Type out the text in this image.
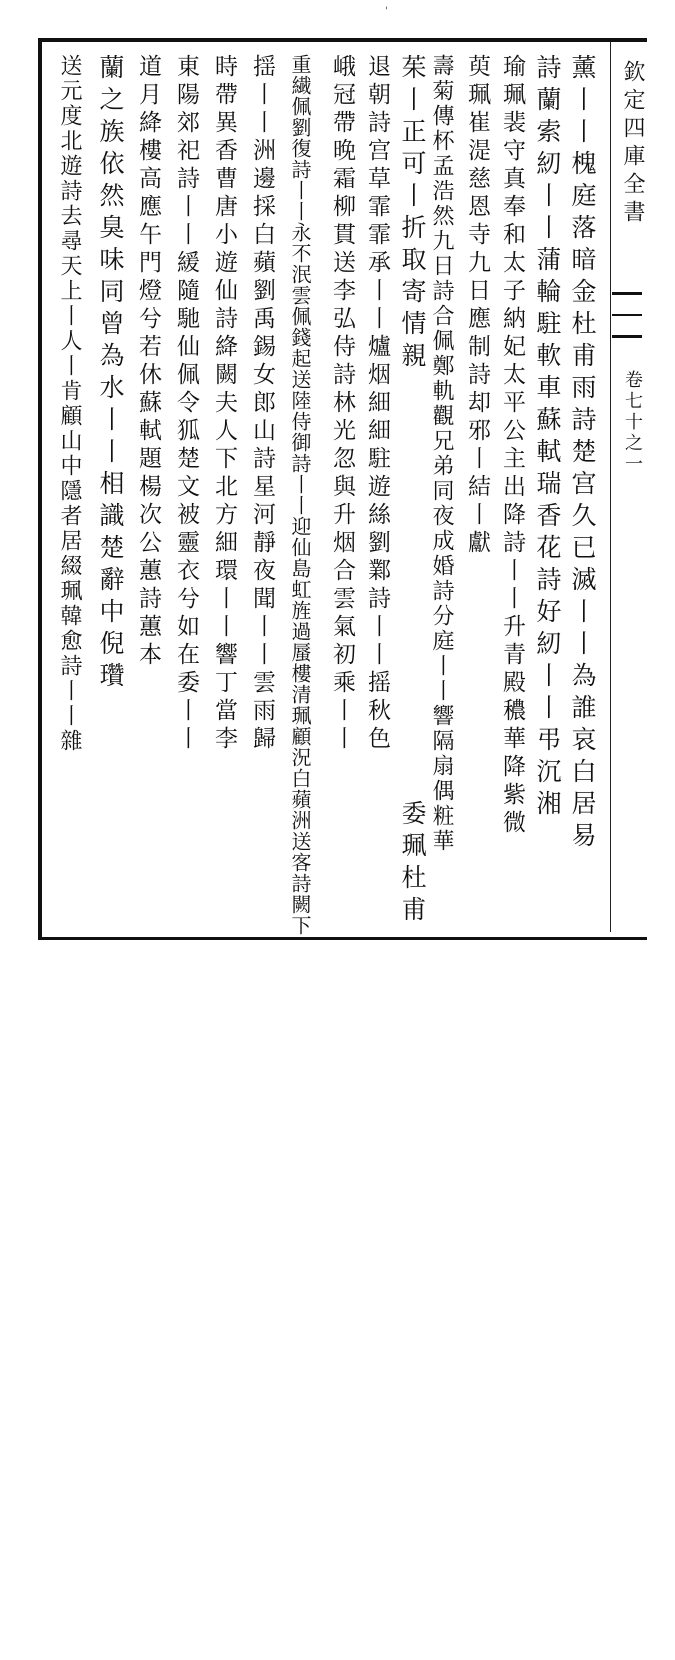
'
欽定四庫全書
卷七十之一
薰丨丨槐庭落暗金杜甫雨詩楚宫久已滅丨丨為誰哀白居易
詩蘭索紉丨丨蒲輪駐軟車蘇軾瑞香花詩好紉丨丨弔沉湘
瑜珮裴守真奉和太子納妃太平公主出降詩丨丨升青殿穠華降紫微
萸珮崔湜慈恩寺九日應制詩却邪丨結丨獻
壽菊傳杯孟浩然九日詩合佩鄭軌觀兄弟同夜成婚詩分庭丨丨響隔扇偶粧華
茱丨正可丨折取寄情親
委珮杜甫
退朝詩宫草霏霏承丨丨爐烟細細駐遊絲劉鄴詩丨丨摇秋色
峨冠帶晚霜柳貫送李弘侍詩林光忽與升烟合雲氣初乘丨丨
重繊佩劉復詩丨丨永不泯雲佩錢起送陸侍御詩丨丨迎仙島虹旌過蜃樓清珮顧況白蘋洲送客詩闕下
揺丨丨洲邊採白蘋劉禹錫女郎山詩星河靜夜聞丨丨雲雨歸
時帶異香曹唐小遊仙詩絳闕夫人下北方細環丨丨響丁當李
東陽郊祀詩丨丨緩隨馳仙佩令狐楚文被靈衣兮如在委丨丨
道月絳樓高應午門燈兮若休蘇軾題楊次公蕙詩蕙本
蘭之族依然臭味同曾為水丨丨相識楚辭中倪瓚
送元度北遊詩去尋天上丨人丨肯顧山中隱者居綴珮韓愈詩丨丨雜
